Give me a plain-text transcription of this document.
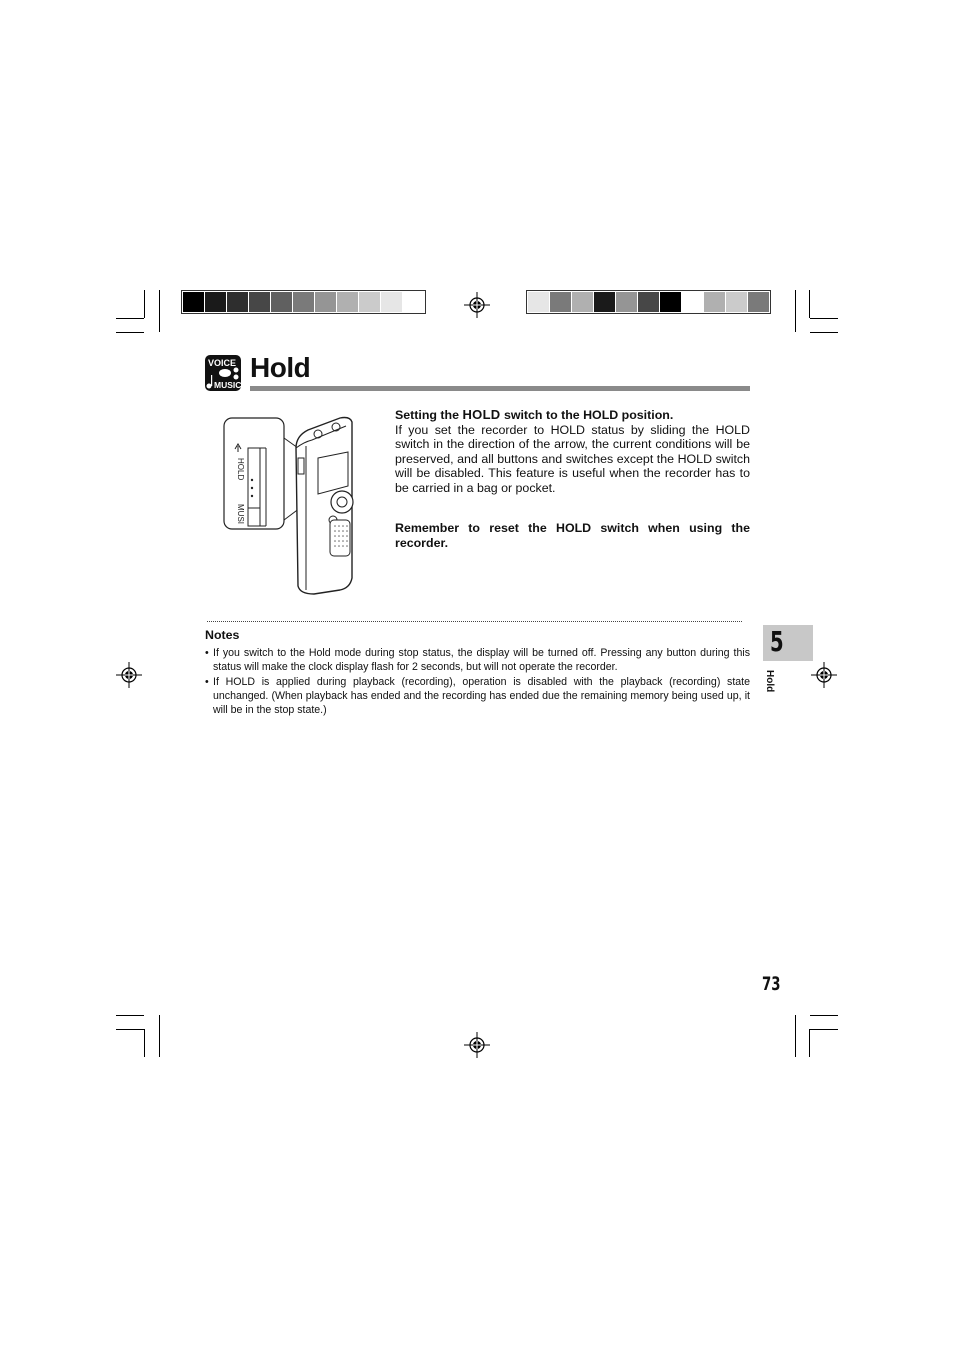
VOICE
MUSIC
Hold
HOLD
MUSI

Setting the HOLD switch to the HOLD position.
If you set the recorder to HOLD status by sliding the HOLD switch in the direction of the arrow, the current conditions will be preserved, and all buttons and switches except the HOLD switch will be disabled. This feature is useful when the recorder has to be carried in a bag or pocket.

Remember to reset the HOLD switch when using the recorder.
Notes
• If you switch to the Hold mode during stop status, the display will be turned off. Pressing any button during this status will make the clock display flash for 2 seconds, but will not operate the recorder.
• If HOLD is applied during playback (recording), operation is disabled with the playback (recording) state unchanged. (When playback has ended and the recording has ended due the remaining memory being used up, it will be in the stop state.)
5
Hold
73
